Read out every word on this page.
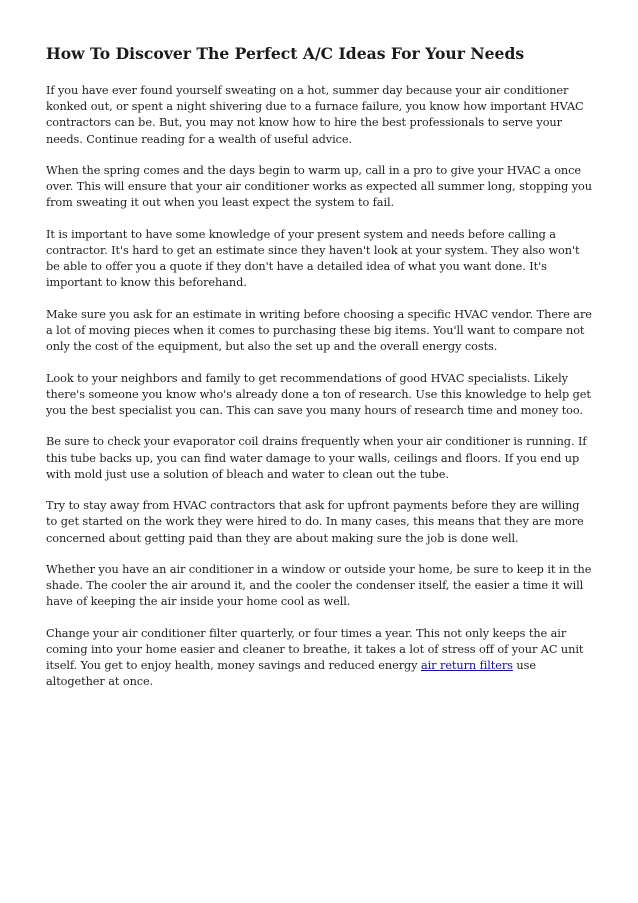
How To Discover The Perfect A/C Ideas For Your Needs

If you have ever found yourself sweating on a hot, summer day because your air conditioner konked out, or spent a night shivering due to a furnace failure, you know how important HVAC contractors can be. But, you may not know how to hire the best professionals to serve your needs. Continue reading for a wealth of useful advice.

When the spring comes and the days begin to warm up, call in a pro to give your HVAC a once over. This will ensure that your air conditioner works as expected all summer long, stopping you from sweating it out when you least expect the system to fail.

It is important to have some knowledge of your present system and needs before calling a contractor. It's hard to get an estimate since they haven't look at your system. They also won't be able to offer you a quote if they don't have a detailed idea of what you want done. It's important to know this beforehand.

Make sure you ask for an estimate in writing before choosing a specific HVAC vendor. There are a lot of moving pieces when it comes to purchasing these big items. You'll want to compare not only the cost of the equipment, but also the set up and the overall energy costs.

Look to your neighbors and family to get recommendations of good HVAC specialists. Likely there's someone you know who's already done a ton of research. Use this knowledge to help get you the best specialist you can. This can save you many hours of research time and money too.

Be sure to check your evaporator coil drains frequently when your air conditioner is running. If this tube backs up, you can find water damage to your walls, ceilings and floors. If you end up with mold just use a solution of bleach and water to clean out the tube.

Try to stay away from HVAC contractors that ask for upfront payments before they are willing to get started on the work they were hired to do. In many cases, this means that they are more concerned about getting paid than they are about making sure the job is done well.

Whether you have an air conditioner in a window or outside your home, be sure to keep it in the shade. The cooler the air around it, and the cooler the condenser itself, the easier a time it will have of keeping the air inside your home cool as well.

Change your air conditioner filter quarterly, or four times a year. This not only keeps the air coming into your home easier and cleaner to breathe, it takes a lot of stress off of your AC unit itself. You get to enjoy health, money savings and reduced energy air return filters use altogether at once.
